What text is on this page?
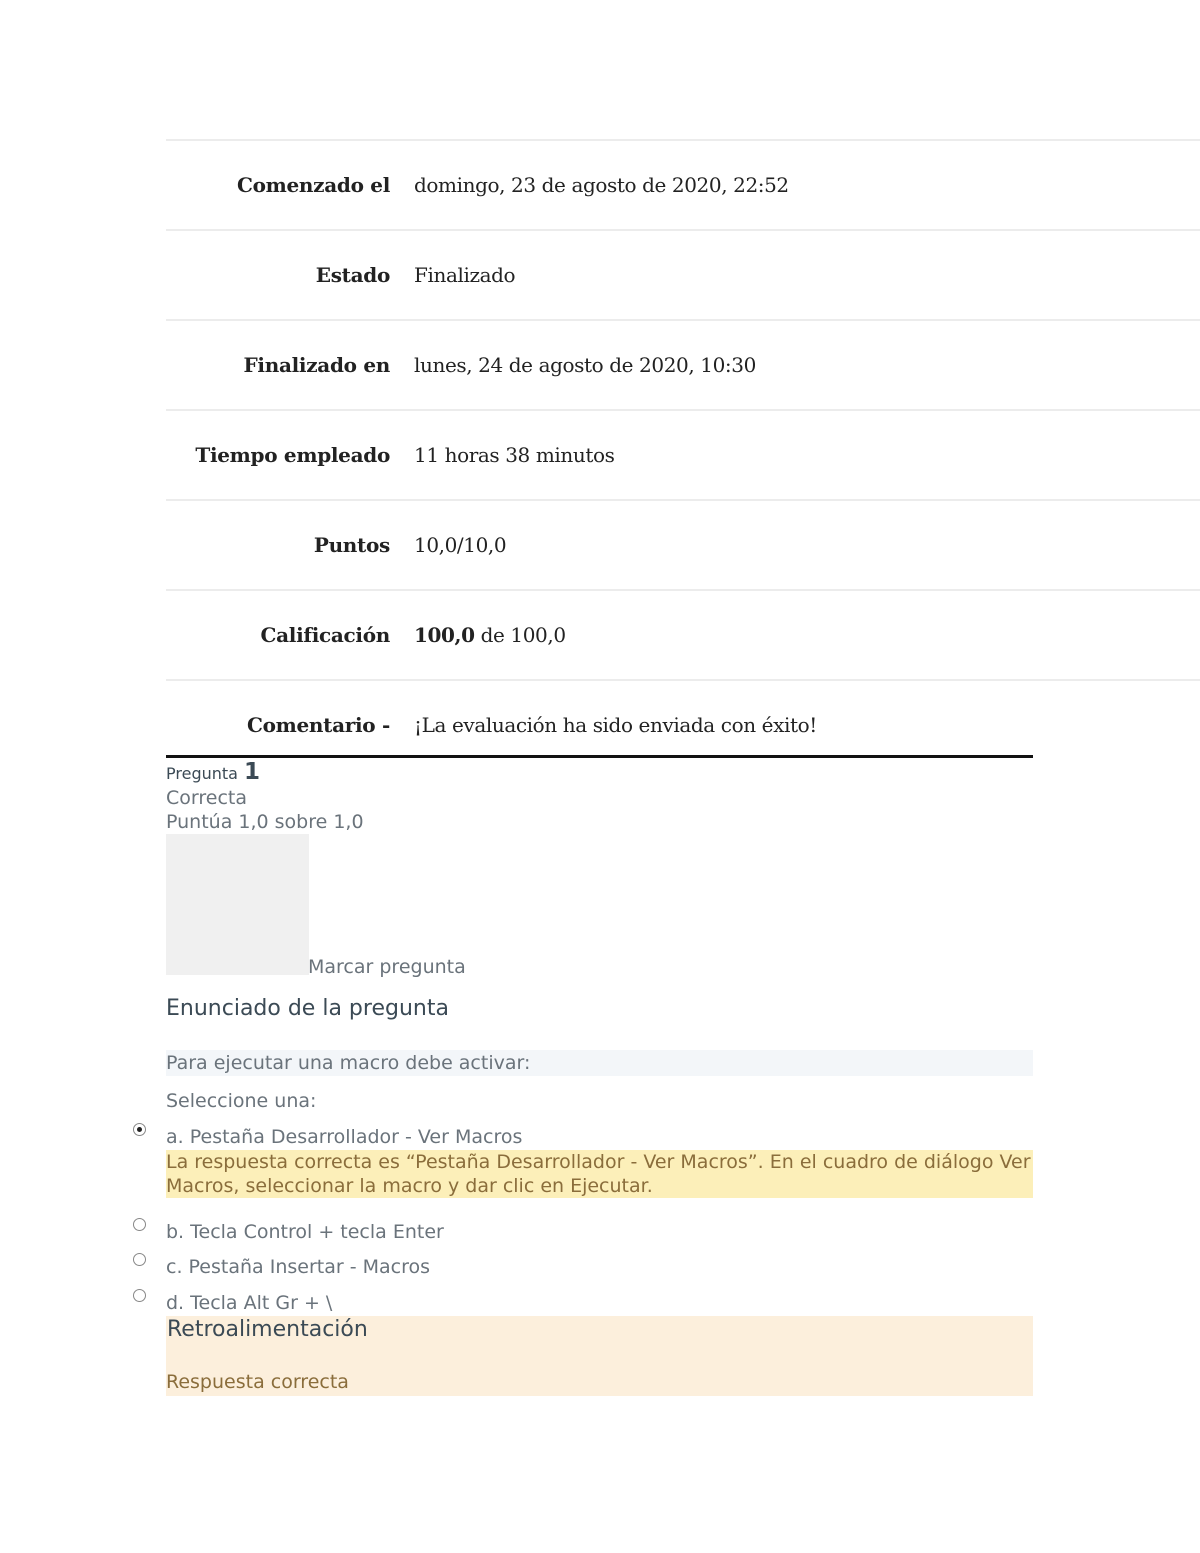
Comenzado el	domingo, 23 de agosto de 2020, 22:52
Estado	Finalizado
Finalizado en	lunes, 24 de agosto de 2020, 10:30
Tiempo empleado	11 horas 38 minutos
Puntos	10,0/10,0
Calificación	100,0 de 100,0
Comentario -	¡La evaluación ha sido enviada con éxito!
Pregunta 1
Correcta
Puntúa 1,0 sobre 1,0
Marcar pregunta
Enunciado de la pregunta
Para ejecutar una macro debe activar:
Seleccione una:
a. Pestaña Desarrollador - Ver Macros
La respuesta correcta es “Pestaña Desarrollador - Ver Macros”. En el cuadro de diálogo Ver Macros, seleccionar la macro y dar clic en Ejecutar.
b. Tecla Control + tecla Enter
c. Pestaña Insertar - Macros
d. Tecla Alt Gr + \
Retroalimentación
Respuesta correcta
